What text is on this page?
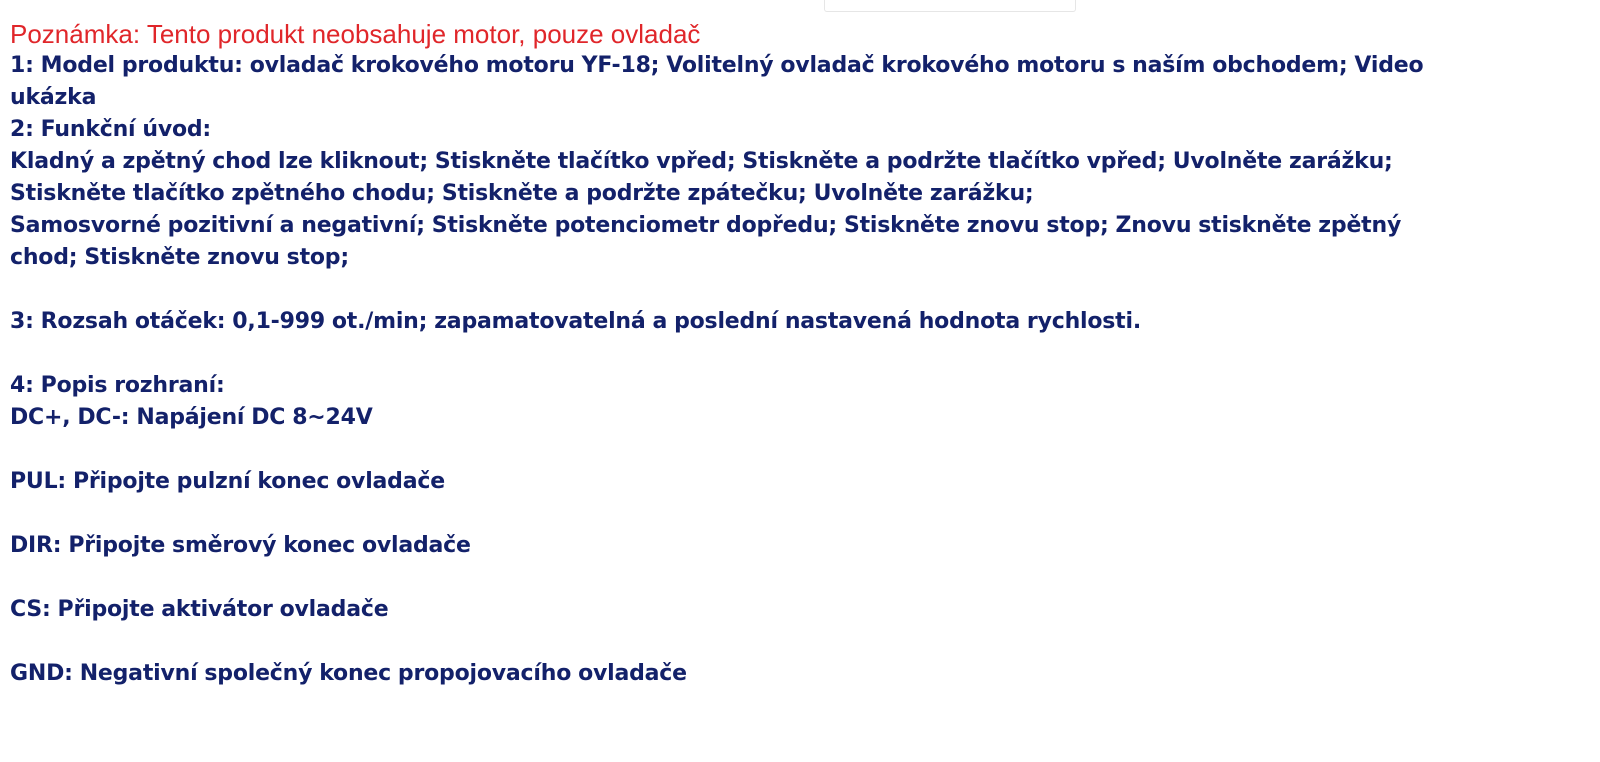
Poznámka: Tento produkt neobsahuje motor, pouze ovladač

1: Model produktu: ovladač krokového motoru YF-18; Volitelný ovladač krokového motoru s naším obchodem; Video

ukázka

2: Funkční úvod:

Kladný a zpětný chod lze kliknout; Stiskněte tlačítko vpřed; Stiskněte a podržte tlačítko vpřed; Uvolněte zarážku;

Stiskněte tlačítko zpětného chodu; Stiskněte a podržte zpátečku; Uvolněte zarážku;

Samosvorné pozitivní a negativní; Stiskněte potenciometr dopředu; Stiskněte znovu stop; Znovu stiskněte zpětný

chod; Stiskněte znovu stop;

3: Rozsah otáček: 0,1-999 ot./min; zapamatovatelná a poslední nastavená hodnota rychlosti.

4: Popis rozhraní:

DC+, DC-: Napájení DC 8~24V

PUL: Připojte pulzní konec ovladače

DIR: Připojte směrový konec ovladače

CS: Připojte aktivátor ovladače

GND: Negativní společný konec propojovacího ovladače
